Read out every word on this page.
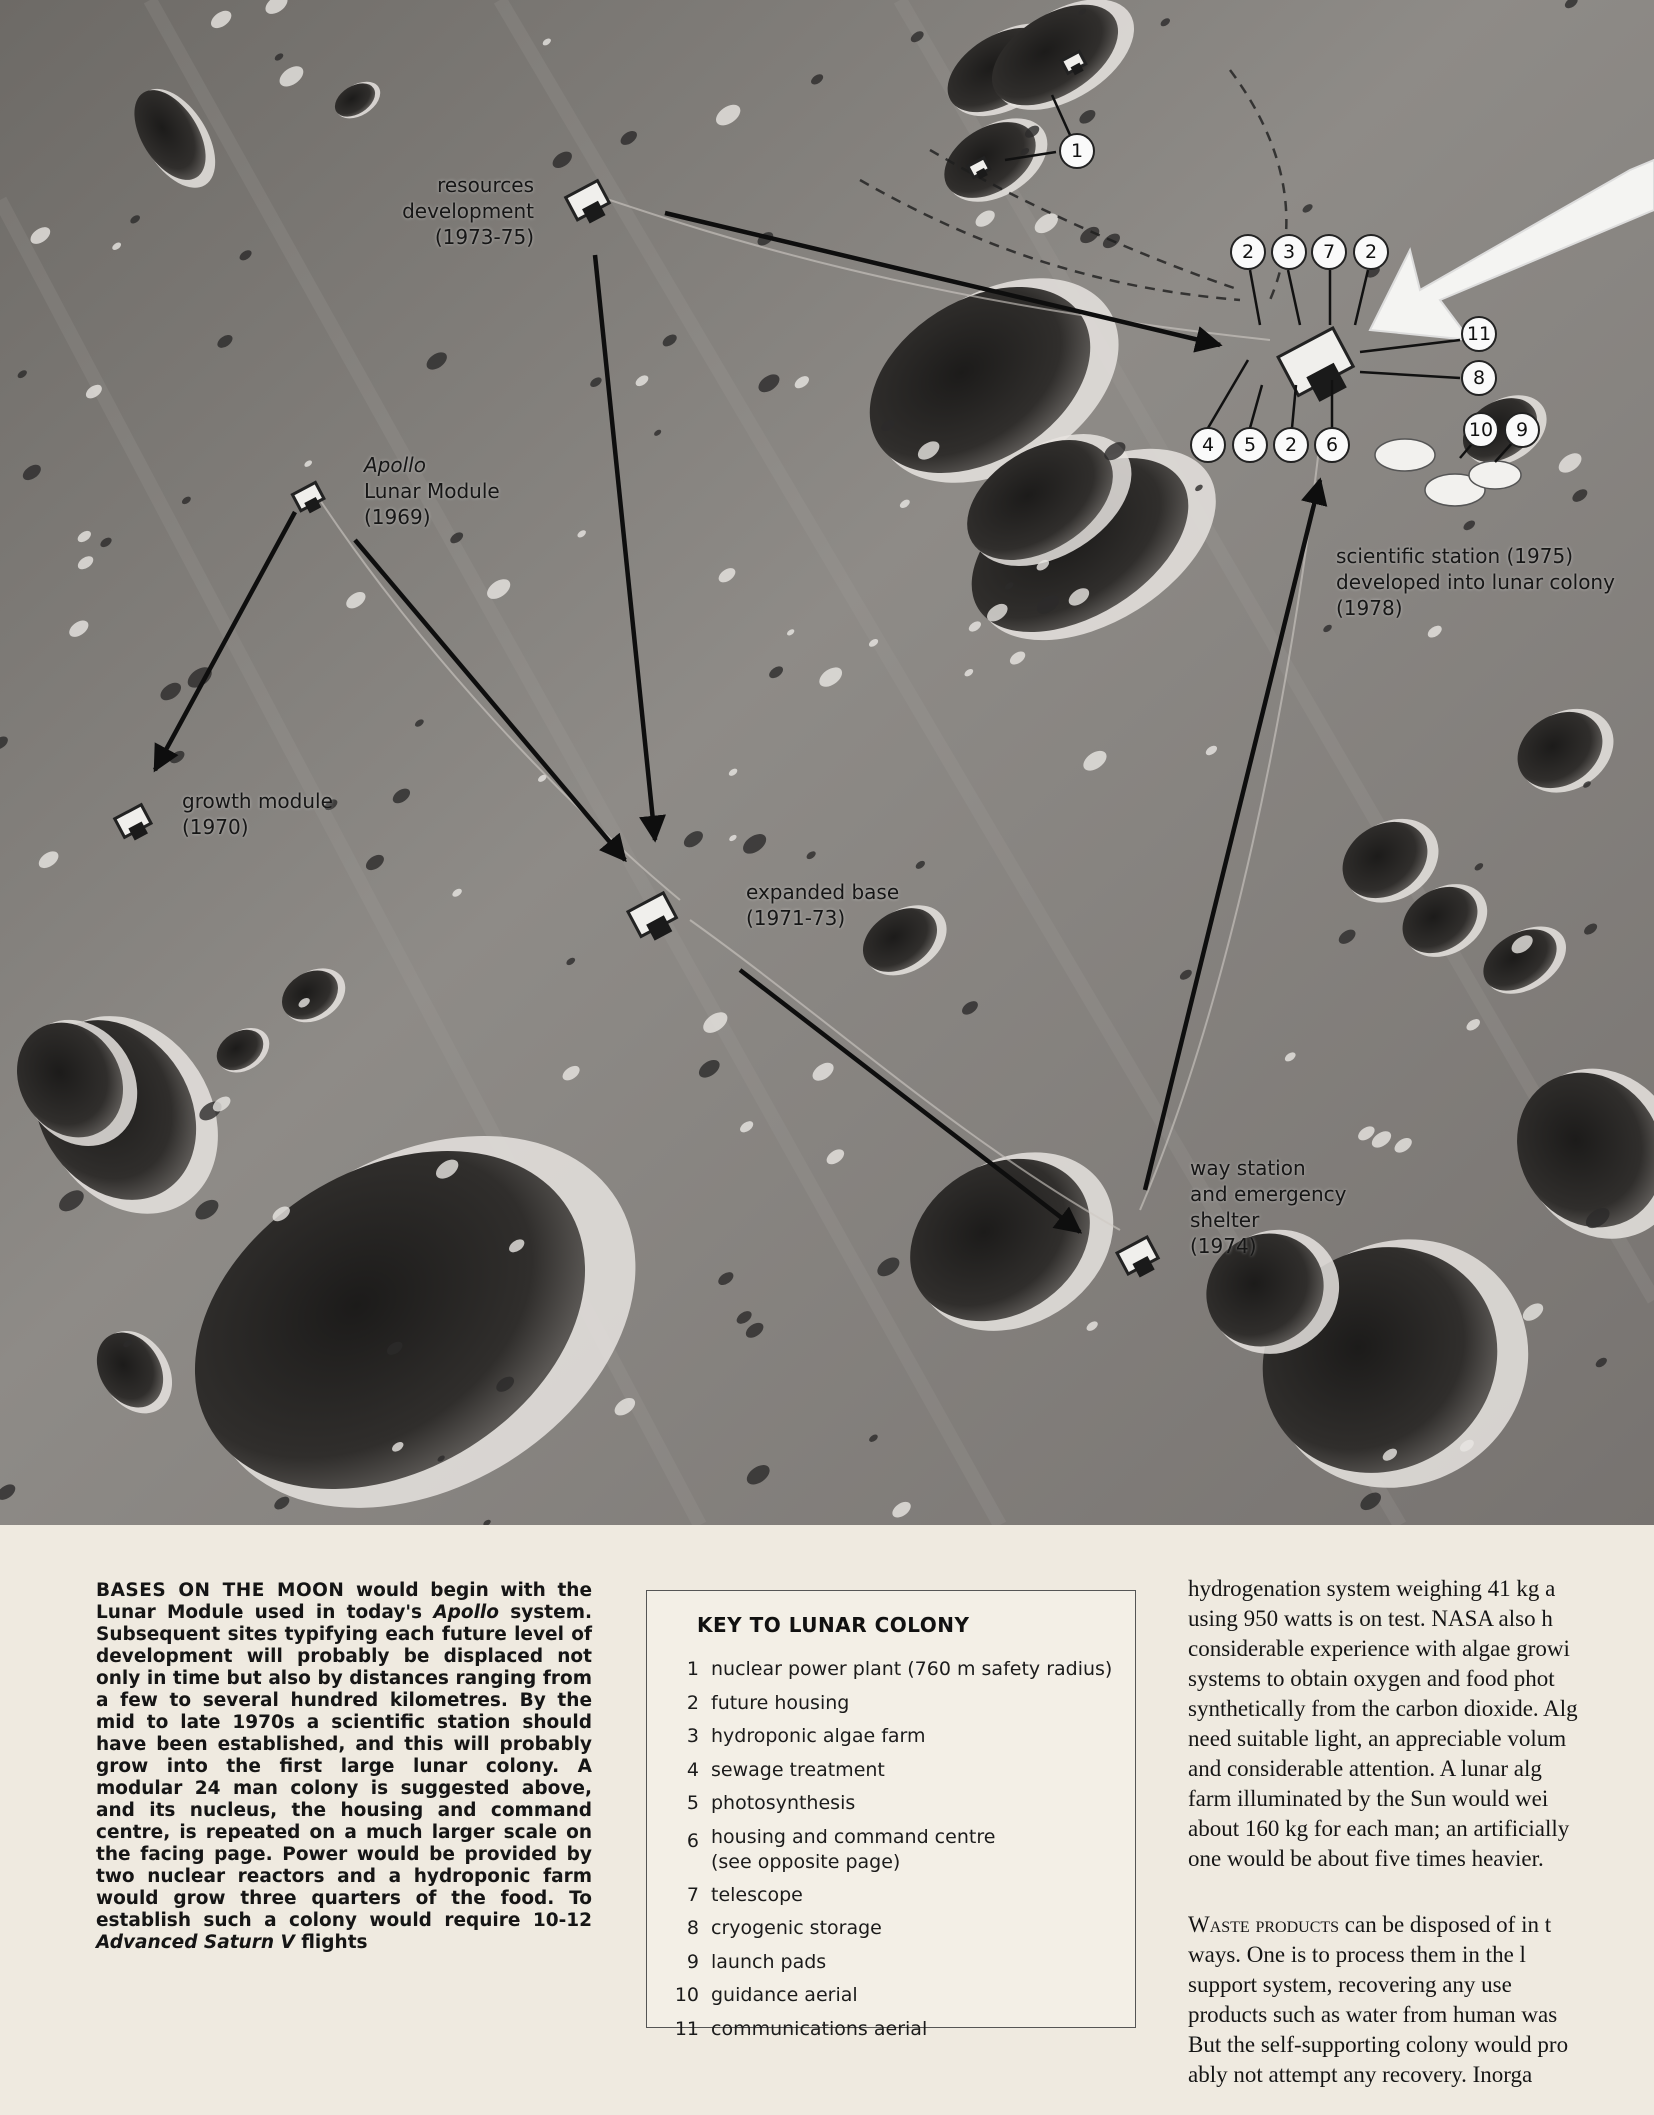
resources
development
(1973-75)
Apollo
Lunar Module
(1969)
growth module
(1970)
expanded base
(1971-73)
scientific station (1975)
developed into lunar colony
(1978)
way station
and emergency
shelter
(1974)
1
2	3	7	2
11
8
4	5	2	6
10	9
BASES ON THE MOON would begin with the Lunar Module used in today's Apollo system. Subsequent sites typifying each future level of development will probably be displaced not only in time but also by distances ranging from a few to several hundred kilometres. By the mid to late 1970s a scientific station should have been established, and this will probably grow into the first large lunar colony. A modular 24 man colony is suggested above, and its nucleus, the housing and command centre, is repeated on a much larger scale on the facing page. Power would be provided by two nuclear reactors and a hydroponic farm would grow three quarters of the food. To establish such a colony would require 10-12 Advanced Saturn V flights
KEY TO LUNAR COLONY
1 nuclear power plant (760 m safety radius)
2 future housing
3 hydroponic algae farm
4 sewage treatment
5 photosynthesis
6 housing and command centre
(see opposite page)
7 telescope
8 cryogenic storage
9 launch pads
10 guidance aerial
11 communications aerial
hydrogenation system weighing 41 kg a
using 950 watts is on test. NASA also h
considerable experience with algae growi
systems to obtain oxygen and food phot
synthetically from the carbon dioxide. Alg
need suitable light, an appreciable volum
and considerable attention. A lunar alg
farm illuminated by the Sun would wei
about 160 kg for each man; an artificially
one would be about five times heavier.
Waste products can be disposed of in t
ways. One is to process them in the l
support system, recovering any use
products such as water from human was
But the self-supporting colony would pro
ably not attempt any recovery. Inorga
